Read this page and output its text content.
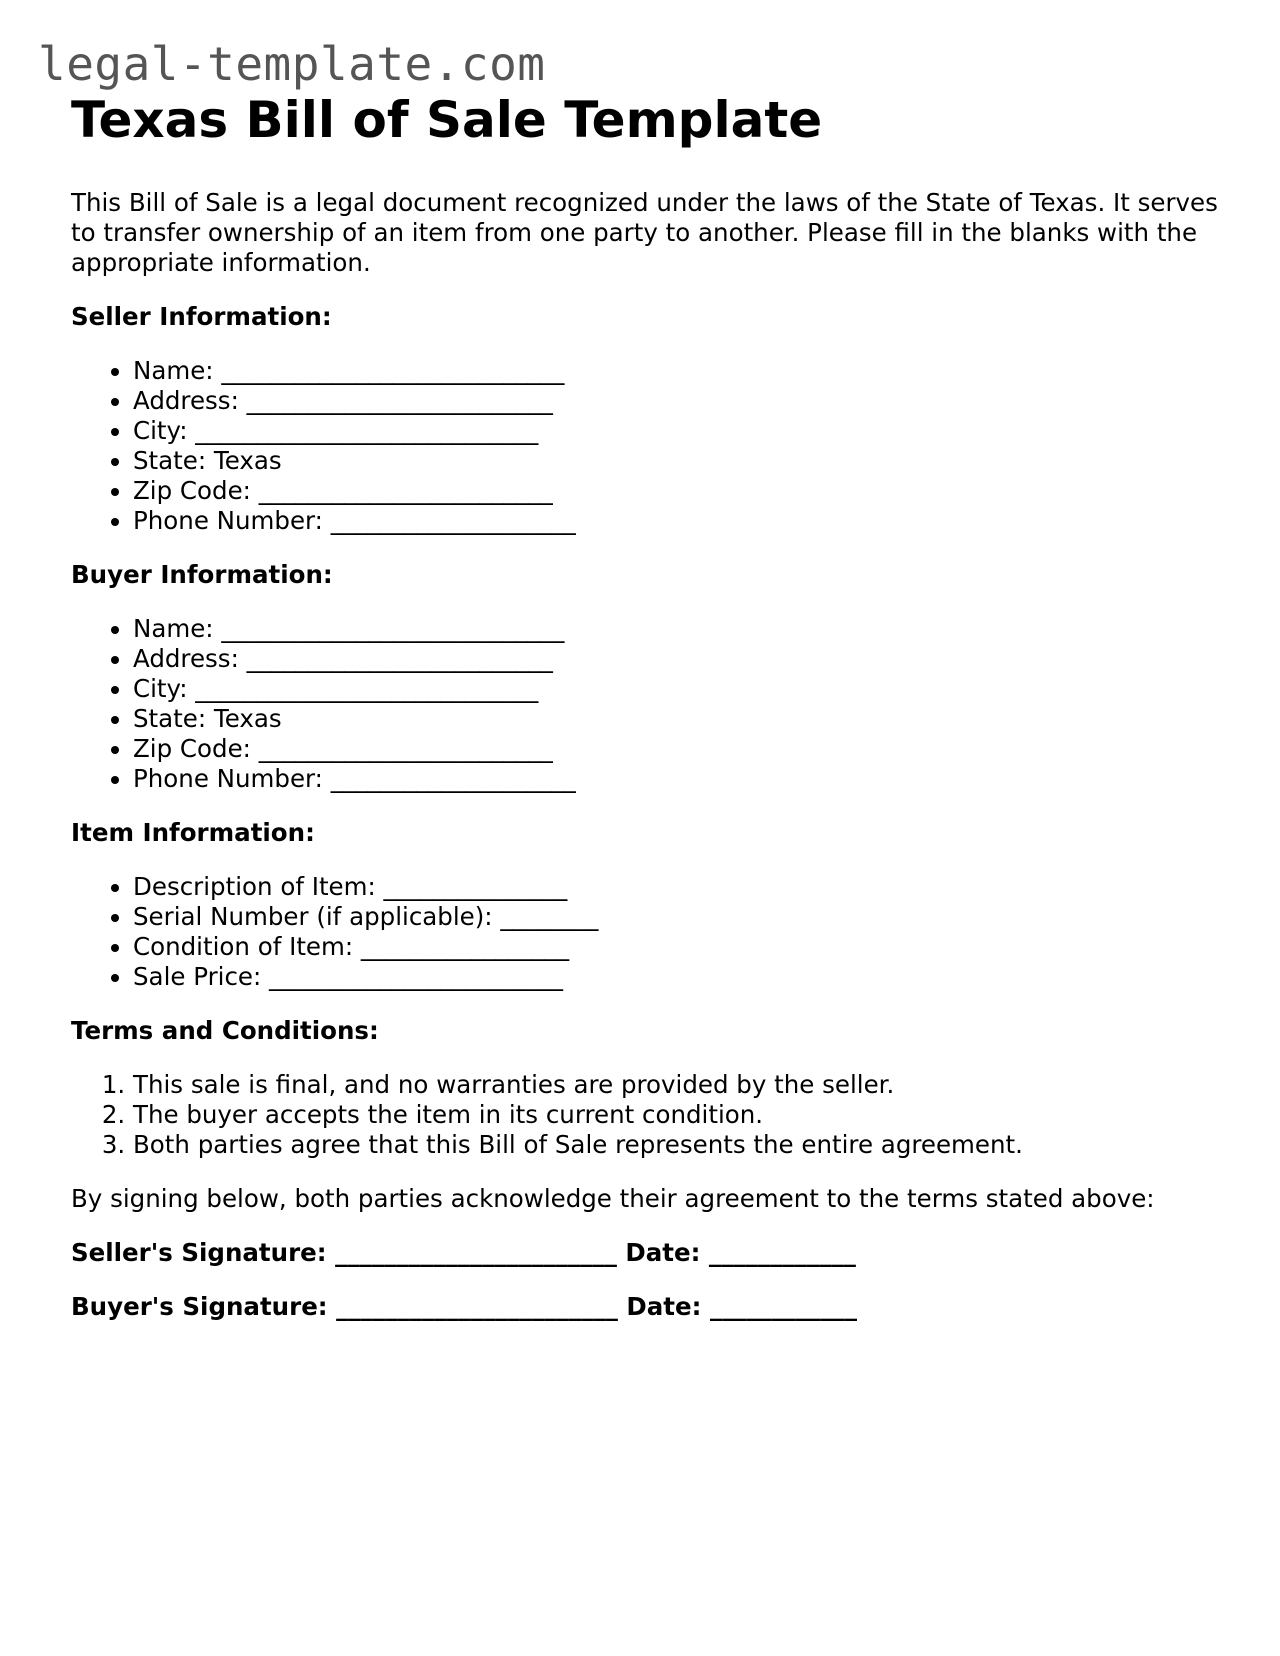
legal-template.com
Texas Bill of Sale Template

This Bill of Sale is a legal document recognized under the laws of the State of Texas. It serves to transfer ownership of an item from one party to another. Please fill in the blanks with the appropriate information.

Seller Information:

• Name: ____________________________
• Address: _________________________
• City: ____________________________
• State: Texas
• Zip Code: ________________________
• Phone Number: ____________________

Buyer Information:

• Name: ____________________________
• Address: _________________________
• City: ____________________________
• State: Texas
• Zip Code: ________________________
• Phone Number: ____________________

Item Information:

• Description of Item: _______________
• Serial Number (if applicable): ________
• Condition of Item: _________________
• Sale Price: ________________________

Terms and Conditions:

1. This sale is final, and no warranties are provided by the seller.
2. The buyer accepts the item in its current condition.
3. Both parties agree that this Bill of Sale represents the entire agreement.

By signing below, both parties acknowledge their agreement to the terms stated above:

Seller's Signature: _______________________ Date: ____________

Buyer's Signature: _______________________ Date: ____________
